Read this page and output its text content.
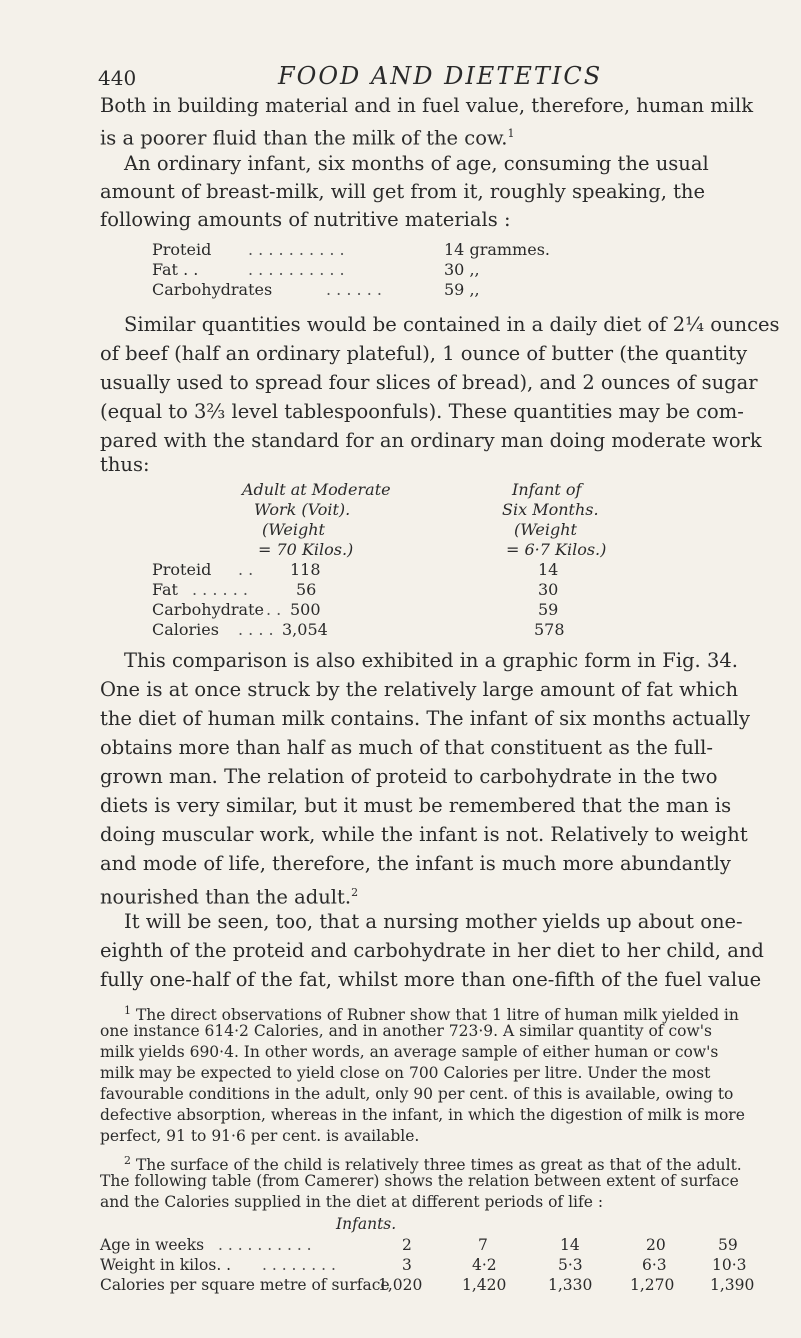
440	FOOD AND DIETETICS
Both in building material and in fuel value, therefore, human milk
is a poorer fluid than the milk of the cow.$^1$
An ordinary infant, six months of age, consuming the usual
amount of breast-milk, will get from it, roughly speaking, the
following amounts of nutritive materials :
Proteid . . . . . . . . . .	14 grammes.
Fat . .	. . . . . . . . . .	30 ,,
Carbohydrates	. . . . . .	59 ,,
Similar quantities would be contained in a daily diet of 2¼ ounces
of beef (half an ordinary plateful), 1 ounce of butter (the quantity
usually used to spread four slices of bread), and 2 ounces of sugar
(equal to 3⅔ level tablespoonfuls). These quantities may be com-
pared with the standard for an ordinary man doing moderate work
thus:
Adult at Moderate
Work (Voit).
(Weight
= 70 Kilos.)
Infant of
Six Months.
(Weight
= 6·7 Kilos.)
Proteid . . 118	14
Fat . . . . . .	56	30
Carbohydrate . . 500	59
Calories . . . . 3,054	578
This comparison is also exhibited in a graphic form in Fig. 34.
One is at once struck by the relatively large amount of fat which
the diet of human milk contains. The infant of six months actually
obtains more than half as much of that constituent as the full-
grown man. The relation of proteid to carbohydrate in the two
diets is very similar, but it must be remembered that the man is
doing muscular work, while the infant is not. Relatively to weight
and mode of life, therefore, the infant is much more abundantly
nourished than the adult.$^2$
It will be seen, too, that a nursing mother yields up about one-
eighth of the proteid and carbohydrate in her diet to her child, and
fully one-half of the fat, whilst more than one-fifth of the fuel value
$^1$ The direct observations of Rubner show that 1 litre of human milk yielded in
one instance 614·2 Calories, and in another 723·9. A similar quantity of cow's
milk yields 690·4. In other words, an average sample of either human or cow's
milk may be expected to yield close on 700 Calories per litre. Under the most
favourable conditions in the adult, only 90 per cent. of this is available, owing to
defective absorption, whereas in the infant, in which the digestion of milk is more
perfect, 91 to 91·6 per cent. is available.
$^2$ The surface of the child is relatively three times as great as that of the adult.
The following table (from Camerer) shows the relation between extent of surface
and the Calories supplied in the diet at different periods of life :
Infants.
Age in weeks . . . . . . . . . .	2	7	14	20	59
Weight in kilos. . . . . . . . . .	3	4·2	5·3	6·3	10·3
Calories per square metre of surface
1,020	1,420	1,330 1,270 1,390
